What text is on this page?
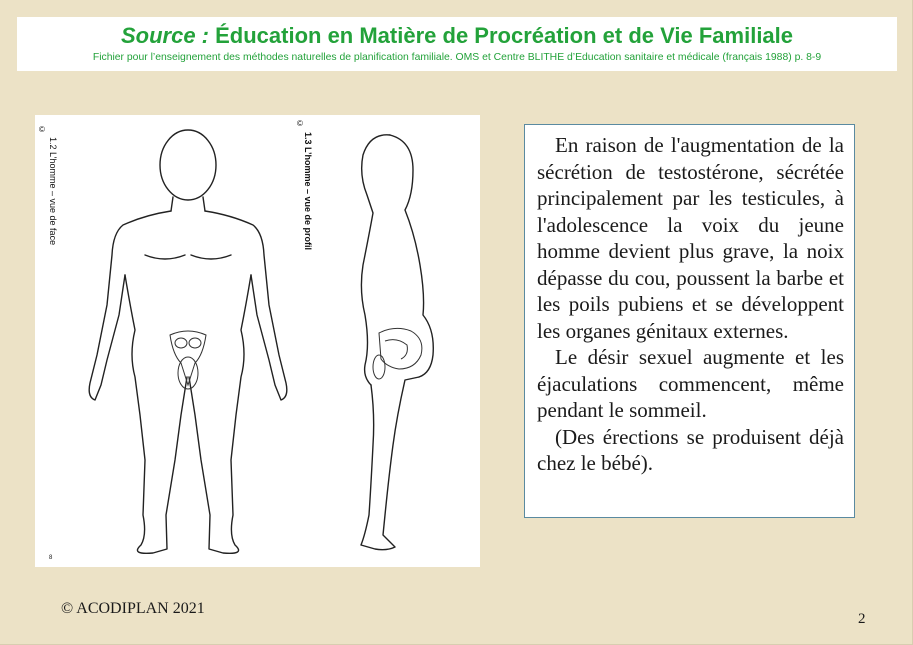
Source : Éducation en Matière de Procréation et de Vie Familiale
Fichier pour l’enseignement des méthodes naturelles de planification familiale. OMS et Centre BLITHE d’Education sanitaire et médicale (français 1988) p. 8-9
©
©
1.2 L’homme – vue de face	1.3 L’homme – vue de profil
8

En raison de l'augmentation de la sécrétion de testostérone, sécrétée principalement par les testicules, à l'adolescence la voix du jeune homme devient plus grave, la noix dépasse du cou, poussent la barbe et les poils pubiens et se développent les organes génitaux externes.

Le désir sexuel augmente et les éjaculations commencent, même pendant le sommeil.

(Des érections se produisent déjà chez le bébé).

© ACODIPLAN 2021
2
